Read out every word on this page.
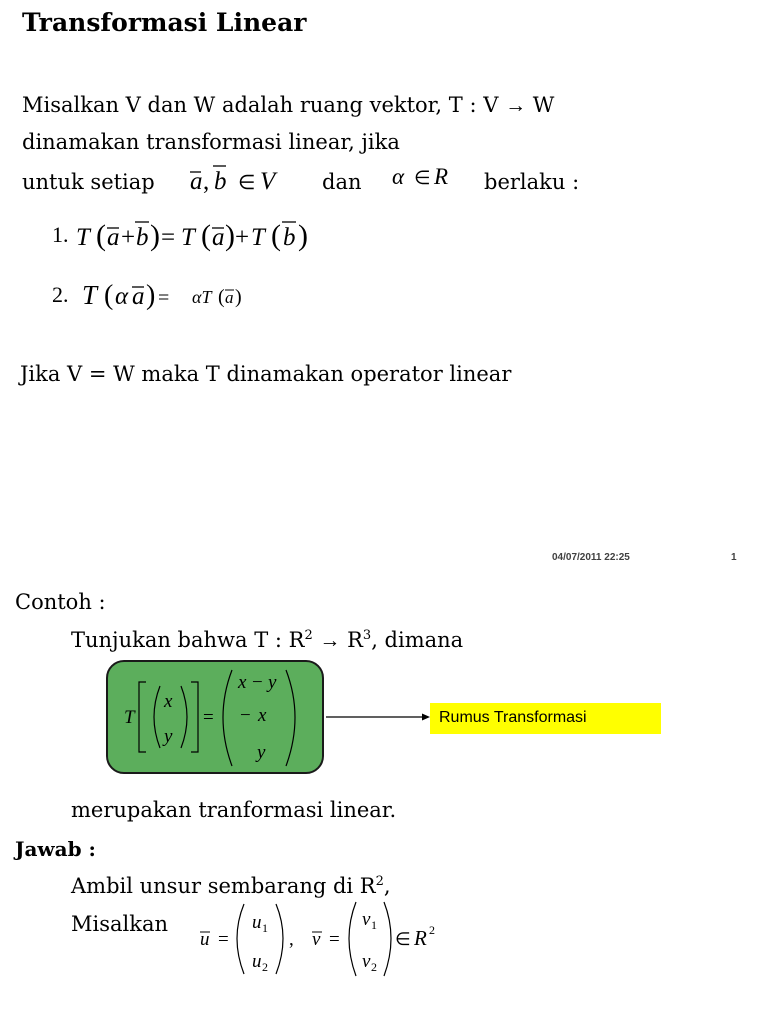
Transformasi Linear
Misalkan V dan W adalah ruang vektor, T : V → W
dinamakan transformasi linear, jika
untuk setiap a , b ∈ V dan α ∈ R berlaku :
1. T ( a + b ) = T ( a ) + T ( b )
2. T ( α a ) = αT ( a )
Jika V = W maka T dinamakan operator linear
04/07/2011 22:25	1
Contoh :
Tunjukan bahwa T : $R^2 \to R^3$, dimana
T
x
y
=
x − y
− x
y
Rumus Transformasi
merupakan tranformasi linear.
Jawab :
Ambil unsur sembarang di $R^2$,
Misalkan
u =
u 1
u 2
, v =
v 1
v 2
∈ R 2
